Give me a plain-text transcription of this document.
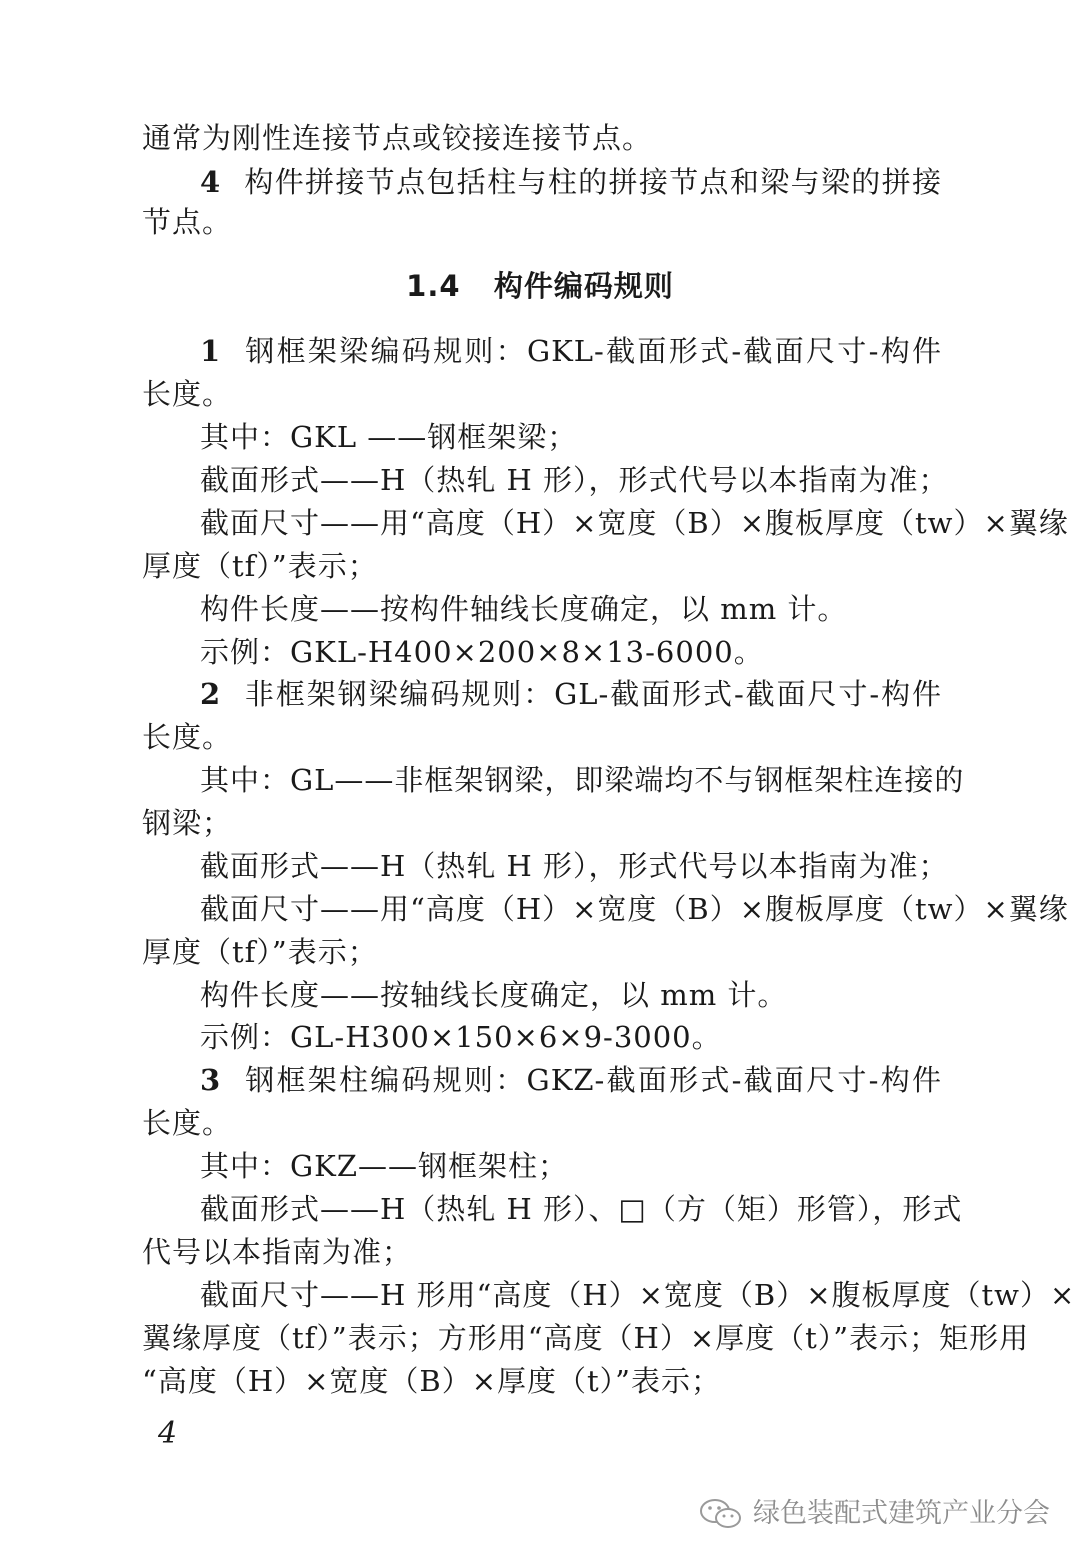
通常为刚性连接节点或铰接连接节点。
4 构件拼接节点包括柱与柱的拼接节点和梁与梁的拼接
节点。
1.4 构件编码规则
1 钢框架梁编码规则：GKL-截面形式-截面尺寸-构件
长度。
其中：GKL ——钢框架梁；
截面形式——H（热轧 H 形），形式代号以本指南为准；
截面尺寸——用“高度（H）×宽度（B）×腹板厚度（tw）×翼缘
厚度（tf）”表示；
构件长度——按构件轴线长度确定，以 mm 计。
示例：GKL-H400×200×8×13-6000。
2 非框架钢梁编码规则：GL-截面形式-截面尺寸-构件
长度。
其中：GL——非框架钢梁，即梁端均不与钢框架柱连接的
钢梁；
截面形式——H（热轧 H 形），形式代号以本指南为准；
截面尺寸——用“高度（H）×宽度（B）×腹板厚度（tw）×翼缘
厚度（tf）”表示；
构件长度——按轴线长度确定，以 mm 计。
示例：GL-H300×150×6×9-3000。
3 钢框架柱编码规则：GKZ-截面形式-截面尺寸-构件
长度。
其中：GKZ——钢框架柱；
截面形式——H（热轧 H 形）、□（方（矩）形管），形式
代号以本指南为准；
截面尺寸——H 形用“高度（H）×宽度（B）×腹板厚度（tw）×
翼缘厚度（tf）”表示；方形用“高度（H）×厚度（t）”表示；矩形用
“高度（H）×宽度（B）×厚度（t）”表示；
4
绿色装配式建筑产业分会
